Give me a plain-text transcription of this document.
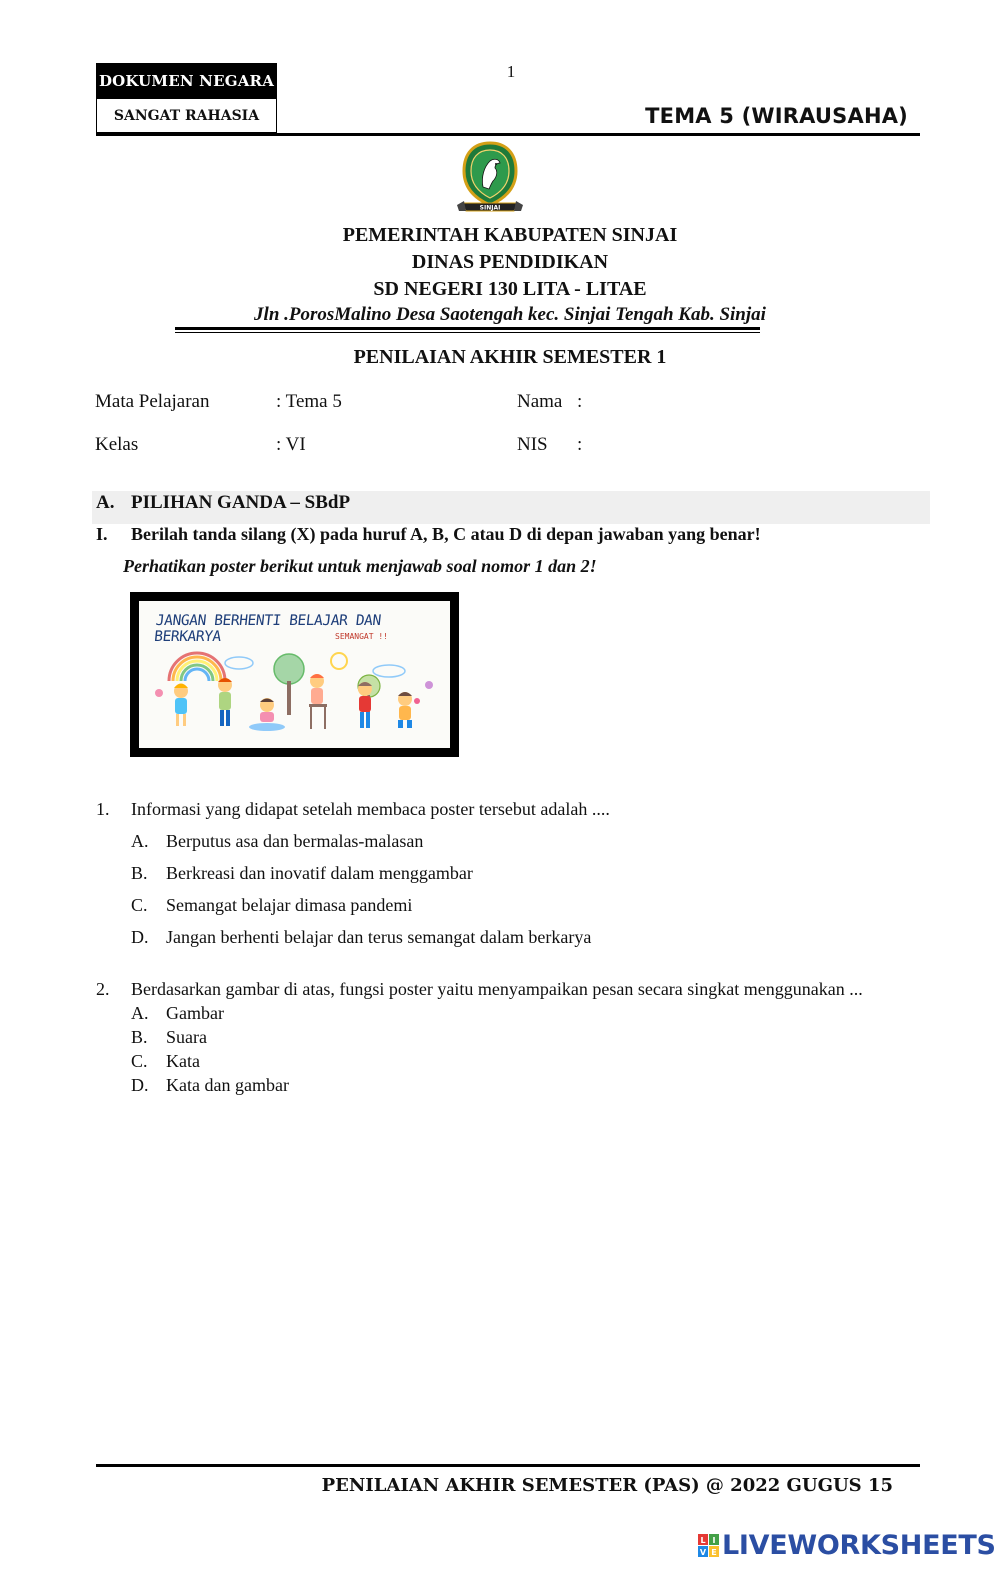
DOKUMEN NEGARA
SANGAT RAHASIA
1
TEMA 5 (WIRAUSAHA)
SINJAI
PEMERINTAH KABUPATEN SINJAI
DINAS PENDIDIKAN
SD NEGERI 130 LITA - LITAE
Jln .PorosMalino Desa Saotengah kec. Sinjai Tengah Kab. Sinjai
PENILAIAN AKHIR SEMESTER 1
Mata Pelajaran	: Tema 5	Nama :
Kelas	: VI	NIS :
A. PILIHAN GANDA – SBdP
I. Berilah tanda silang (X) pada huruf A, B, C atau D di depan jawaban yang benar!
Perhatikan poster berikut untuk menjawab soal nomor 1 dan 2!
JANGAN BERHENTI BELAJAR DAN BERKARYA	SEMANGAT !!
1. Informasi yang didapat setelah membaca poster tersebut adalah ....
A. Berputus asa dan bermalas-malasan
B. Berkreasi dan inovatif dalam menggambar
C. Semangat belajar dimasa pandemi
D. Jangan berhenti belajar dan terus semangat dalam berkarya
2. Berdasarkan gambar di atas, fungsi poster yaitu menyampaikan pesan secara singkat menggunakan ...
A. Gambar
B. Suara
C. Kata
D. Kata dan gambar
PENILAIAN AKHIR SEMESTER (PAS) @ 2022 GUGUS 15
L I
V E LIVEWORKSHEETS
